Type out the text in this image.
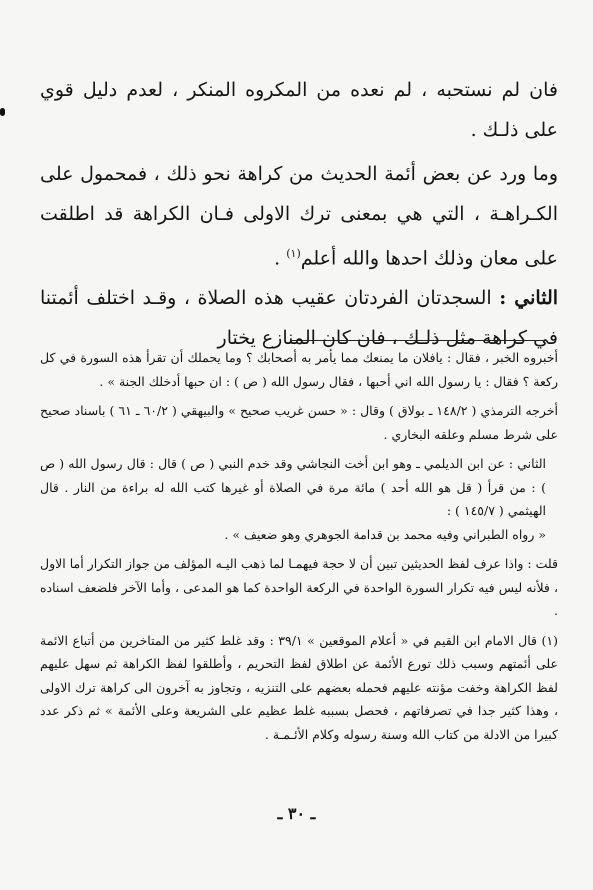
فان لم نستحبه ، لم نعده من المكروه المنكر ، لعدم دليل قوي على ذلـك .

وما ورد عن بعض أئمة الحديث من كراهة نحو ذلك ، فمحمول على الكـراهـة ، التي هي بمعنى ترك الاولى فـان الكراهة قد اطلقت على معان وذلك احدها والله أعلم$^{(١)}$ .

الثاني : السجدتان الفردتان عقيب هذه الصلاة ، وقـد اختلف أئمتنا في كراهة مثل ذلـك ، فان كان المنازع يختار

أخبروه الخبر ، فقال : يافلان ما يمنعك مما يأمر به أصحابك ؟ وما يحملك أن تقرأ هذه السورة في كل ركعة ؟ فقال : يا رسول الله اني أحبها ، فقال رسول الله ( ص ) : ان حبها أدخلك الجنة » .

أخرجه الترمذي ( ١٤٨/٢ ـ بولاق ) وقال : « حسن غريب صحيح » والبيهقي ( ٦٠/٢ ـ ٦١ ) باسناد صحيح على شرط مسلم وعلقه البخاري .

الثاني : عن ابن الديلمي ـ وهو ابن أخت النجاشي وقد خدم النبي ( ص ) قال : قال رسول الله ( ص ) : من قرأ ( قل هو الله أحد ) مائة مرة في الصلاة أو غيرها كتب الله له براءة من النار . قال الهيثمي ( ١٤٥/٧ ) :

« رواه الطبراني وفيه محمد بن قدامة الجوهري وهو ضعيف » .

قلت : واذا عرف لفظ الحديثين تبين أن لا حجة فيهمـا لما ذهب اليـه المؤلف من جواز التكرار أما الاول ، فلأنه ليس فيه تكرار السورة الواحدة في الركعة الواحدة كما هو المدعى ، وأما الآخر فلضعف اسناده .

(١) قال الامام ابن القيم في « أعلام الموقعين » ٣٩/١ : وقد غلط كثير من المتاخرين من أتباع الائمة على أئمتهم وسبب ذلك تورع الأئمة عن اطلاق لفظ التحريم ، وأطلقوا لفظ الكراهة ثم سهل عليهم لفظ الكراهة وخفت مؤنته عليهم فحمله بعضهم على التنزيه ، وتجاوز به آخرون الى كراهة ترك الاولى ، وهذا كثير جدا في تصرفاتهم ، فحصل بسببه غلط عظيم على الشريعة وعلى الأئمة » ثم ذكر عدد كبيرا من الادلة من كتاب الله وسنة رسوله وكلام الأئـمـة .

ـ ٣٠ ـ
